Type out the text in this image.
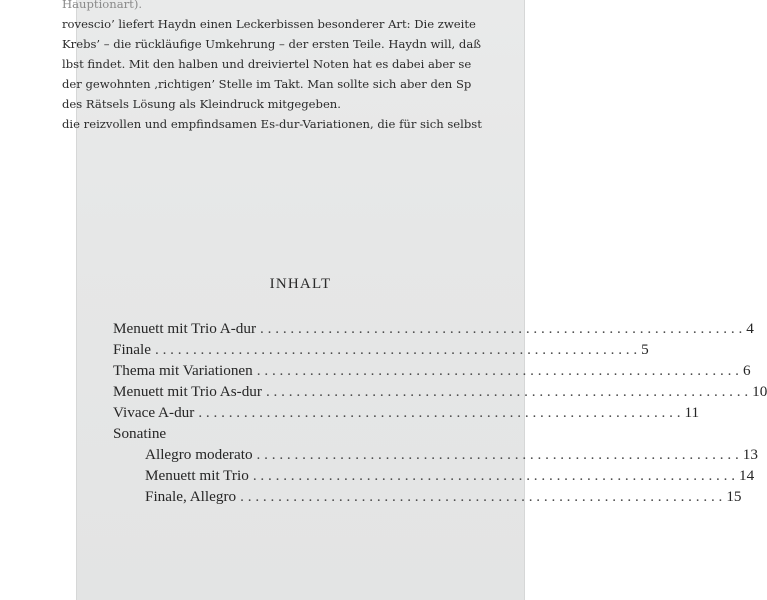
Hauptionart).
rovescio’ liefert Haydn einen Leckerbissen besonderer Art: Die zweite
Krebs’ – die rückläufige Umkehrung – der ersten Teile. Haydn will, daß
lbst findet. Mit den halben und dreiviertel Noten hat es dabei aber se
der gewohnten ‚richtigen’ Stelle im Takt. Man sollte sich aber den Sp
des Rätsels Lösung als Kleindruck mitgegeben.
die reizvollen und empfindsamen Es-dur-Variationen, die für sich selbst
INHALT
Menuett mit Trio A-dur . . .	4
Finale . . .	5
Thema mit Variationen . . .	6
Menuett mit Trio As-dur . . .	10
Vivace A-dur . . .	11
Sonatine
Allegro moderato . . .	13
Menuett mit Trio . . .	14
Finale, Allegro . . .	15
